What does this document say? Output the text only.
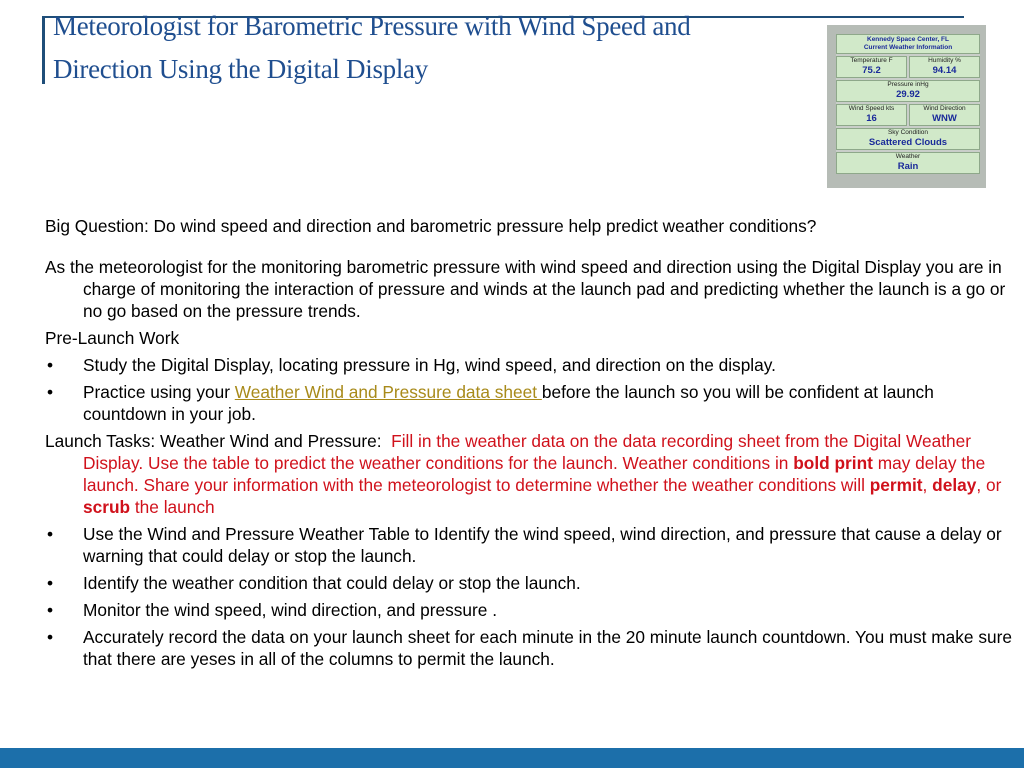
Meteorologist for Barometric Pressure with Wind Speed and
Direction Using the Digital Display
Kennedy Space Center, FL
Current Weather Information
Temperature F
75.2
Humidity %
94.14
Pressure inHg
29.92
Wind Speed kts
16
Wind Direction
WNW
Sky Condition
Scattered Clouds
Weather
Rain

Big Question: Do wind speed and direction and barometric pressure help predict weather conditions?

As the meteorologist for the monitoring barometric pressure with wind speed and direction using the Digital Display you are in charge of monitoring the interaction of pressure and winds at the launch pad and predicting whether the launch is a go or no go based on the pressure trends.

Pre-Launch Work

• Study the Digital Display, locating pressure in Hg, wind speed, and direction on the display.
• Practice using your Weather Wind and Pressure data sheet before the launch so you will be confident at launch countdown in your job.

Launch Tasks: Weather Wind and Pressure: Fill in the weather data on the data recording sheet from the Digital Weather Display. Use the table to predict the weather conditions for the launch. Weather conditions in bold print may delay the launch. Share your information with the meteorologist to determine whether the weather conditions will permit, delay, or scrub the launch

• Use the Wind and Pressure Weather Table to Identify the wind speed, wind direction, and pressure that cause a delay or warning that could delay or stop the launch.
• Identify the weather condition that could delay or stop the launch.
• Monitor the wind speed, wind direction, and pressure .
• Accurately record the data on your launch sheet for each minute in the 20 minute launch countdown. You must make sure that there are yeses in all of the columns to permit the launch.
